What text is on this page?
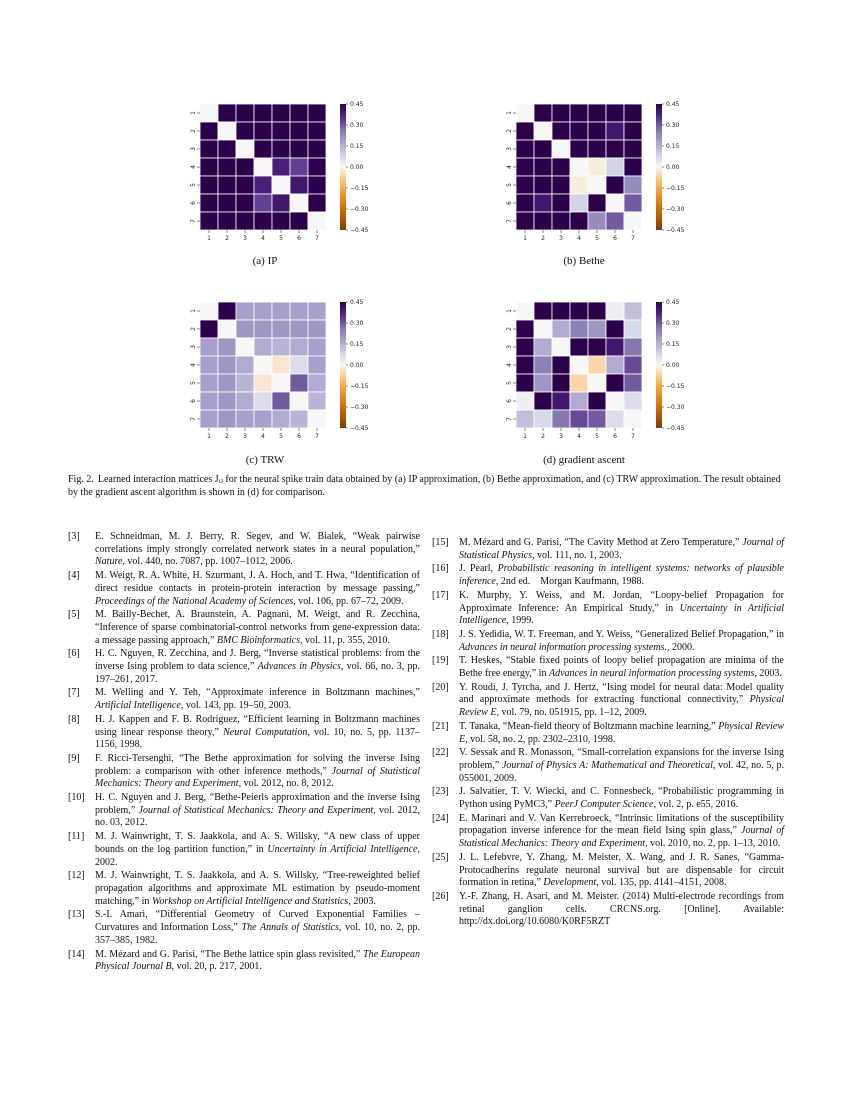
1
1
2
2
3
3
4
4
5
5
6
6
7
7
0.45
0.30
0.15
0.00
−0.15
−0.30
−0.45
1
1
2
2
3
3
4
4
5
5
6
6
7
7
0.45
0.30
0.15
0.00
−0.15
−0.30
−0.45
1
1
2
2
3
3
4
4
5
5
6
6
7
7
0.45
0.30
0.15
0.00
−0.15
−0.30
−0.45
1
1
2
2
3
3
4
4
5
5
6
6
7
7
0.45
0.30
0.15
0.00
−0.15
−0.30
−0.45
(a) IP	(b) Bethe
(c) TRW	(d) gradient ascent
Fig. 2. Learned interaction matrices Jᵢⱼ for the neural spike train data obtained by (a) IP approximation, (b) Bethe approximation, and (c) TRW approximation. The result obtained by the gradient ascent algorithm is shown in (d) for comparison.
[3] E. Schneidman, M. J. Berry, R. Segev, and W. Bialek, “Weak pairwise correlations imply strongly correlated network states in a neural population,” Nature, vol. 440, no. 7087, pp. 1007–1012, 2006.
[4] M. Weigt, R. A. White, H. Szurmant, J. A. Hoch, and T. Hwa, “Identification of direct residue contacts in protein-protein interaction by message passing,” Proceedings of the National Academy of Sciences, vol. 106, pp. 67–72, 2009.
[5] M. Bailly-Bechet, A. Braunstein, A. Pagnani, M. Weigt, and R. Zecchina, “Inference of sparse combinatorial-control networks from gene-expression data: a message passing approach,” BMC Bioinformatics, vol. 11, p. 355, 2010.
[6] H. C. Nguyen, R. Zecchina, and J. Berg, “Inverse statistical problems: from the inverse Ising problem to data science,” Advances in Physics, vol. 66, no. 3, pp. 197–261, 2017.
[7] M. Welling and Y. Teh, “Approximate inference in Boltzmann machines,” Artificial Intelligence, vol. 143, pp. 19–50, 2003.
[8] H. J. Kappen and F. B. Rodriguez, “Efficient learning in Boltzmann machines using linear response theory,” Neural Computation, vol. 10, no. 5, pp. 1137–1156, 1998.
[9] F. Ricci-Tersenghi, “The Bethe approximation for solving the inverse Ising problem: a comparison with other inference methods,” Journal of Statistical Mechanics: Theory and Experiment, vol. 2012, no. 8, 2012.
[10] H. C. Nguyen and J. Berg, “Bethe-Peierls approximation and the inverse Ising problem,” Journal of Statistical Mechanics: Theory and Experiment, vol. 2012, no. 03, 2012.
[11] M. J. Wainwright, T. S. Jaakkola, and A. S. Willsky, “A new class of upper bounds on the log partition function,” in Uncertainty in Artificial Intelligence, 2002.
[12] M. J. Wainwright, T. S. Jaakkola, and A. S. Willsky, “Tree-reweighted belief propagation algorithms and approximate ML estimation by pseudo-moment matching,” in Workshop on Artificial Intelligence and Statistics, 2003.
[13] S.-I. Amari, “Differential Geometry of Curved Exponential Families – Curvatures and Information Loss,” The Annals of Statistics, vol. 10, no. 2, pp. 357–385, 1982.
[14] M. Mézard and G. Parisi, “The Bethe lattice spin glass revisited,” The European Physical Journal B, vol. 20, p. 217, 2001.
[15] M. Mézard and G. Parisi, “The Cavity Method at Zero Temperature,” Journal of Statistical Physics, vol. 111, no. 1, 2003.
[16] J. Pearl, Probabilistic reasoning in intelligent systems: networks of plausible inference, 2nd ed. Morgan Kaufmann, 1988.
[17] K. Murphy, Y. Weiss, and M. Jordan, “Loopy-belief Propagation for Approximate Inference: An Empirical Study,” in Uncertainty in Artificial Intelligence, 1999.
[18] J. S. Yedidia, W. T. Freeman, and Y. Weiss, “Generalized Belief Propagation,” in Advances in neural information processing systems., 2000.
[19] T. Heskes, “Stable fixed points of loopy belief propagation are minima of the Bethe free energy,” in Advances in neural information processing systems, 2003.
[20] Y. Roudi, J. Tyrcha, and J. Hertz, “Ising model for neural data: Model quality and approximate methods for extracting functional connectivity,” Physical Review E, vol. 79, no. 051915, pp. 1–12, 2009.
[21] T. Tanaka, “Mean-field theory of Boltzmann machine learning,” Physical Review E, vol. 58, no. 2, pp. 2302–2310, 1998.
[22] V. Sessak and R. Monasson, “Small-correlation expansions for the inverse Ising problem,” Journal of Physics A: Mathematical and Theoretical, vol. 42, no. 5, p. 055001, 2009.
[23] J. Salvatier, T. V. Wiecki, and C. Fonnesbeck, “Probabilistic programming in Python using PyMC3,” PeerJ Computer Science, vol. 2, p. e55, 2016.
[24] E. Marinari and V. Van Kerrebroeck, “Intrinsic limitations of the susceptibility propagation inverse inference for the mean field Ising spin glass,” Journal of Statistical Mechanics: Theory and Experiment, vol. 2010, no. 2, pp. 1–13, 2010.
[25] J. L. Lefebvre, Y. Zhang, M. Meister, X. Wang, and J. R. Sanes, “Gamma-Protocadherins regulate neuronal survival but are dispensable for circuit formation in retina,” Development, vol. 135, pp. 4141–4151, 2008.
[26] Y.-F. Zhang, H. Asari, and M. Meister. (2014) Multi-electrode recordings from retinal ganglion cells. CRCNS.org. [Online]. Available: http://dx.doi.org/10.6080/K0RF5RZT
